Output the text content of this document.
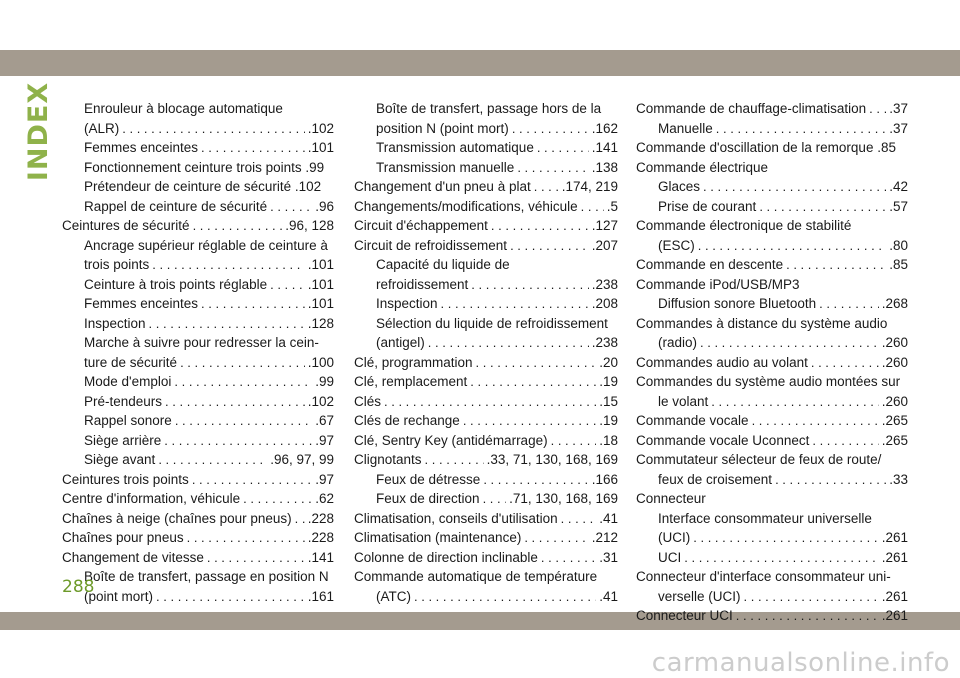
INDEX	Enrouleur à blocage automatique
(ALR) . . .	.102
Femmes enceintes . . .	.101
Fonctionnement ceinture trois points .99
Prétendeur de ceinture de sécurité .102
Rappel de ceinture de sécurité . . .	.96
Ceintures de sécurité . . .	.96, 128
Ancrage supérieur réglable de ceinture à
trois points . . .	.101
Ceinture à trois points réglable . . .	.101
Femmes enceintes . . .	.101
Inspection . . .	.128
Marche à suivre pour redresser la cein-
ture de sécurité . . .	.100
Mode d'emploi . . .	.99
Pré-tendeurs . . .	.102
Rappel sonore . . .	.67
Siège arrière . . .	.97
Siège avant . . .	.96, 97, 99
Ceintures trois points . . .	.97
Centre d'information, véhicule . . .	.62
Chaînes à neige (chaînes pour pneus) . . . .228
Chaînes pour pneus . . .	.228
Changement de vitesse . . .	.141
Boîte de transfert, passage en position N
(point mort) . . .	.161
Boîte de transfert, passage hors de la
position N (point mort) . . .	.162
Transmission automatique . . .	.141
Transmission manuelle . . .	.138
Changement d'un pneu à plat . . . .174, 219
Changements/modifications, véhicule . . . .5
Circuit d'échappement . . .	.127
Circuit de refroidissement . . .	.207
Capacité du liquide de
refroidissement . . .	.238
Inspection . . .	.208
Sélection du liquide de refroidissement
(antigel) . . .	.238
Clé, programmation . . .	.20
Clé, remplacement . . .	.19
Clés . . .	.15
Clés de rechange . . .	.19
Clé, Sentry Key (antidémarrage) . . .	.18
Clignotants . . .	.33, 71, 130, 168, 169
Feux de détresse . . .	.166
Feux de direction . . . .71, 130, 168, 169
Climatisation, conseils d'utilisation . . .	.41
Climatisation (maintenance) . . .	.212
Colonne de direction inclinable . . .	.31
Commande automatique de température
(ATC) . . .	.41
Commande de chauffage-climatisation . . . .37
Manuelle . . .	.37
Commande d'oscillation de la remorque .85
Commande électrique
Glaces . . .	.42
Prise de courant . . .	.57
Commande électronique de stabilité
(ESC) . . .	.80
Commande en descente . . .	.85
Commande iPod/USB/MP3
Diffusion sonore Bluetooth . . .	.268
Commandes à distance du système audio
(radio) . . .	.260
Commandes audio au volant . . .	.260
Commandes du système audio montées sur
le volant . . .	.260
Commande vocale . . .	.265
Commande vocale Uconnect . . .	.265
Commutateur sélecteur de feux de route/
feux de croisement . . .	.33
Connecteur
Interface consommateur universelle
(UCI) . . .	.261
UCI . . .	.261
Connecteur d'interface consommateur uni-
verselle (UCI) . . .	.261
Connecteur UCI . . .	.261
288
carmanualsonline.info
